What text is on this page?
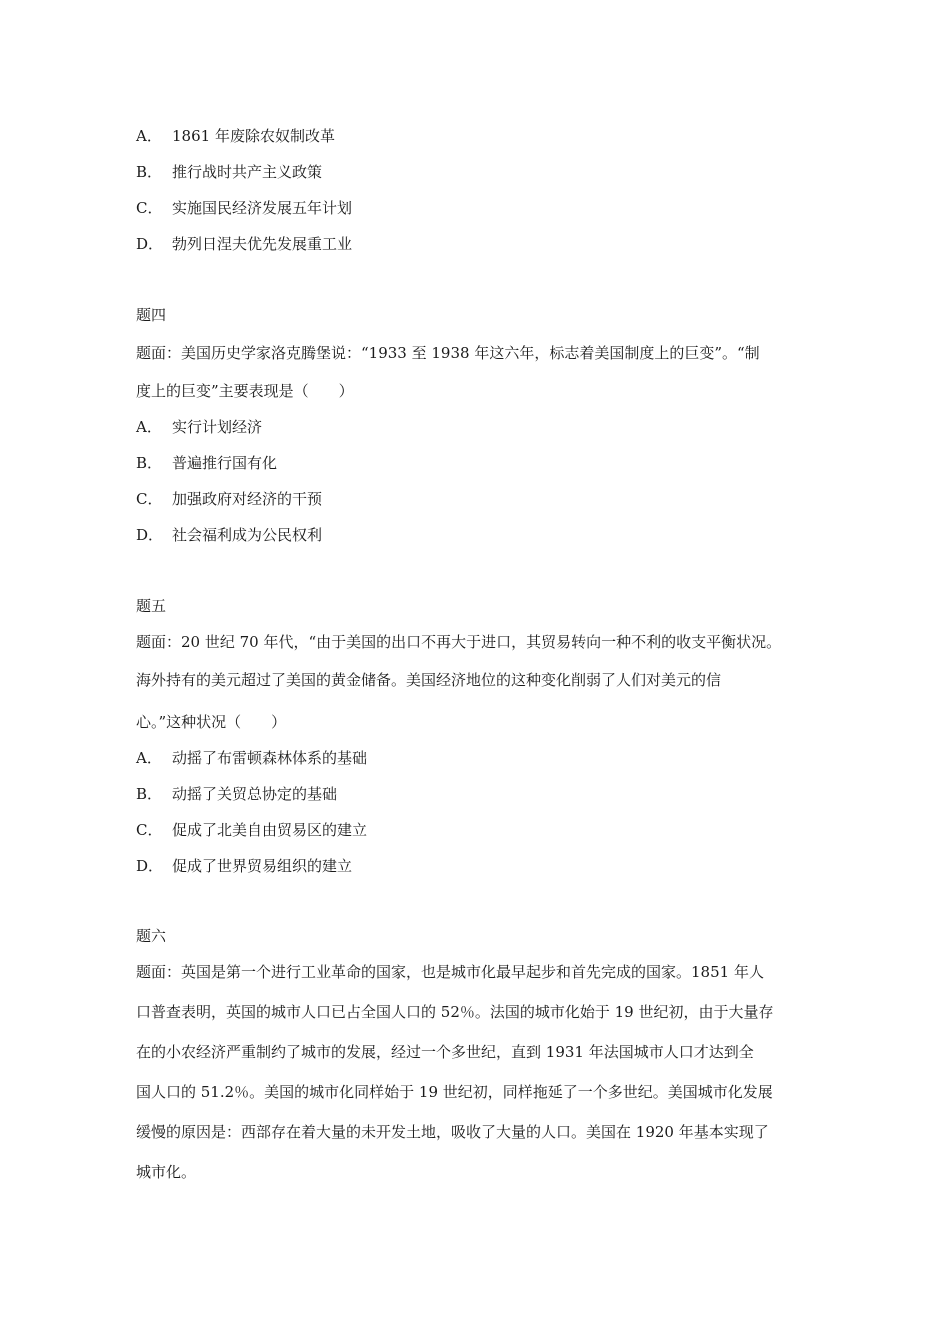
A． 1861 年废除农奴制改革
B． 推行战时共产主义政策
C． 实施国民经济发展五年计划
D． 勃列日涅夫优先发展重工业
题四
题面：美国历史学家洛克腾堡说：“1933 至 1938 年这六年，标志着美国制度上的巨变”。“制
度上的巨变”主要表现是（　　）
A． 实行计划经济
B． 普遍推行国有化
C． 加强政府对经济的干预
D． 社会福利成为公民权利
题五
题面：20 世纪 70 年代，“由于美国的出口不再大于进口，其贸易转向一种不利的收支平衡状况。
海外持有的美元超过了美国的黄金储备。美国经济地位的这种变化削弱了人们对美元的信
心。”这种状况（　　）
A． 动摇了布雷顿森林体系的基础
B． 动摇了关贸总协定的基础
C． 促成了北美自由贸易区的建立
D． 促成了世界贸易组织的建立
题六
题面：英国是第一个进行工业革命的国家，也是城市化最早起步和首先完成的国家。1851 年人
口普查表明，英国的城市人口已占全国人口的 52％。法国的城市化始于 19 世纪初，由于大量存
在的小农经济严重制约了城市的发展，经过一个多世纪，直到 1931 年法国城市人口才达到全
国人口的 51.2％。美国的城市化同样始于 19 世纪初，同样拖延了一个多世纪。美国城市化发展
缓慢的原因是：西部存在着大量的未开发土地，吸收了大量的人口。美国在 1920 年基本实现了
城市化。
